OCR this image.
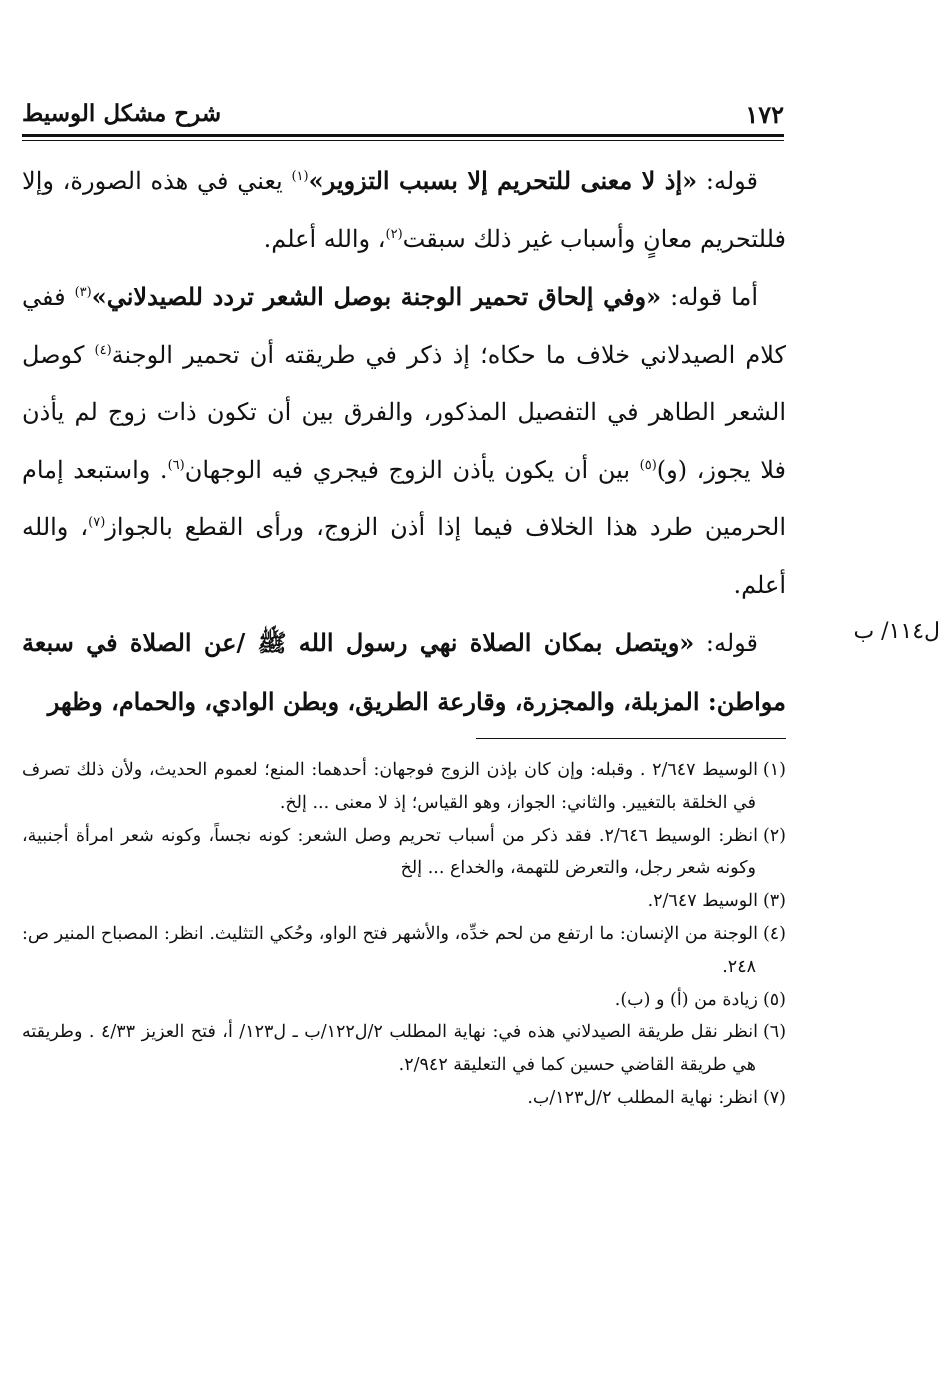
١٧٢
شرح مشكل الوسيط

قوله: «إذ لا معنى للتحريم إلا بسبب التزوير»$^{(١)}$ يعني في هذه الصورة، وإلا فللتحريم معانٍ وأسباب غير ذلك سبقت$^{(٢)}$، والله أعلم.

أما قوله: «وفي إلحاق تحمير الوجنة بوصل الشعر تردد للصيدلاني»$^{(٣)}$ ففي كلام الصيدلاني خلاف ما حكاه؛ إذ ذكر في طريقته أن تحمير الوجنة$^{(٤)}$ كوصل الشعر الطاهر في التفصيل المذكور، والفرق بين أن تكون ذات زوج لم يأذن فلا يجوز، (و)$^{(٥)}$ بين أن يكون يأذن الزوج فيجري فيه الوجهان$^{(٦)}$. واستبعد إمام الحرمين طرد هذا الخلاف فيما إذا أذن الزوج، ورأى القطع بالجواز$^{(٧)}$، والله أعلم.

قوله: «ويتصل بمكان الصلاة نهي رسول الله ﷺ /عن الصلاة في سبعة مواطن: المزبلة، والمجزرة، وقارعة الطريق، وبطن الوادي، والحمام، وظهر

ل١١٤/ ب

(١)الوسيط ٢/٦٤٧ . وقبله: وإن كان بإذن الزوج فوجهان: أحدهما: المنع؛ لعموم الحديث، ولأن ذلك تصرف في الخلقة بالتغيير. والثاني: الجواز، وهو القياس؛ إذ لا معنى ... إلخ.

(٢)انظر: الوسيط ٢/٦٤٦. فقد ذكر من أسباب تحريم وصل الشعر: كونه نجساً، وكونه شعر امرأة أجنبية، وكونه شعر رجل، والتعرض للتهمة، والخداع ... إلخ

(٣)الوسيط ٢/٦٤٧.

(٤)الوجنة من الإنسان: ما ارتفع من لحم خدِّه، والأشهر فتح الواو، وحُكي التثليث. انظر: المصباح المنير ص: ٢٤٨.

(٥)زيادة من (أ) و (ب).

(٦)انظر نقل طريقة الصيدلاني هذه في: نهاية المطلب ٢/ل١٢٢/ب ـ ل١٢٣/ أ، فتح العزيز ٤/٣٣ . وطريقته هي طريقة القاضي حسين كما في التعليقة ٢/٩٤٢.

(٧)انظر: نهاية المطلب ٢/ل١٢٣/ب.
